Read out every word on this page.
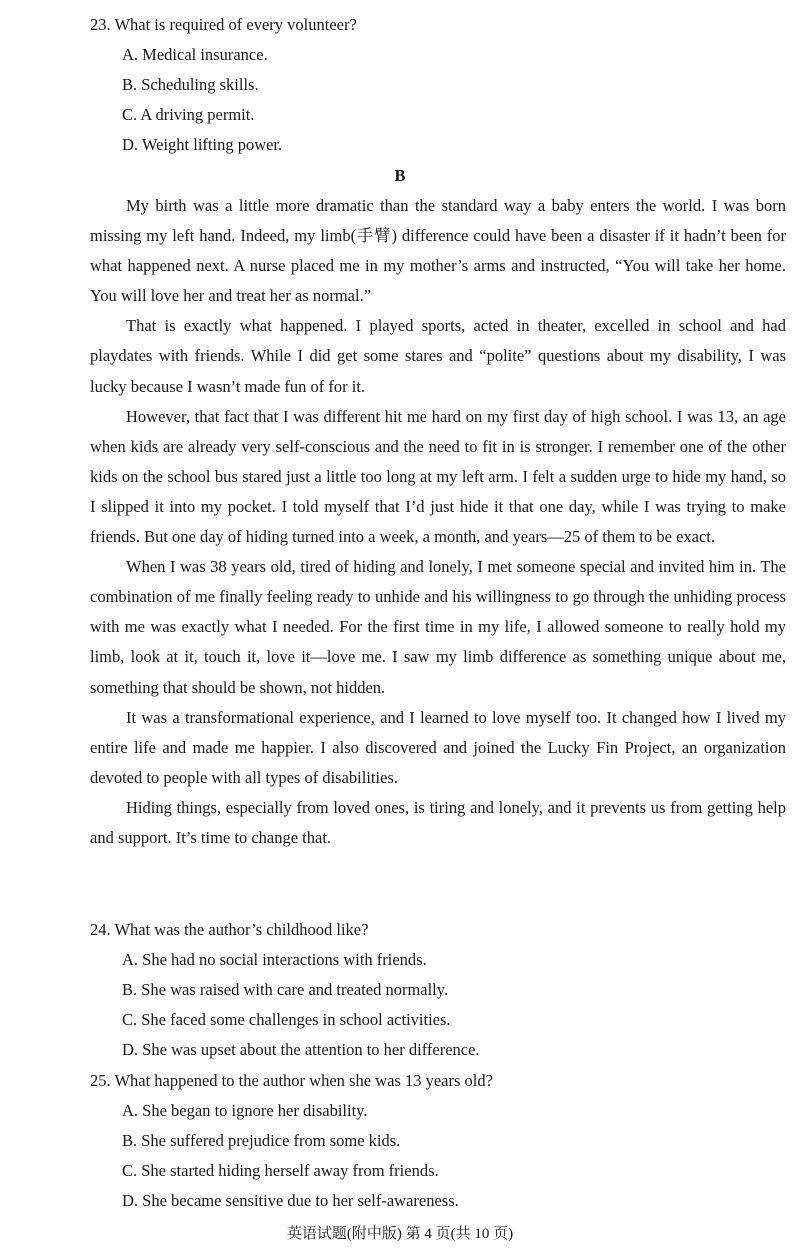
23. What is required of every volunteer?
A. Medical insurance.
B. Scheduling skills.
C. A driving permit.
D. Weight lifting power.
B

My birth was a little more dramatic than the standard way a baby enters the world. I was born missing my left hand. Indeed, my limb(手臂) difference could have been a disaster if it hadn’t been for what happened next. A nurse placed me in my mother’s arms and instructed, “You will take her home. You will love her and treat her as normal.”

That is exactly what happened. I played sports, acted in theater, excelled in school and had playdates with friends. While I did get some stares and “polite” questions about my disability, I was lucky because I wasn’t made fun of for it.

However, that fact that I was different hit me hard on my first day of high school. I was 13, an age when kids are already very self-conscious and the need to fit in is stronger. I remember one of the other kids on the school bus stared just a little too long at my left arm. I felt a sudden urge to hide my hand, so I slipped it into my pocket. I told myself that I’d just hide it that one day, while I was trying to make friends. But one day of hiding turned into a week, a month, and years—25 of them to be exact.

When I was 38 years old, tired of hiding and lonely, I met someone special and invited him in. The combination of me finally feeling ready to unhide and his willingness to go through the unhiding process with me was exactly what I needed. For the first time in my life, I allowed someone to really hold my limb, look at it, touch it, love it—love me. I saw my limb difference as something unique about me, something that should be shown, not hidden.

It was a transformational experience, and I learned to love myself too. It changed how I lived my entire life and made me happier. I also discovered and joined the Lucky Fin Project, an organization devoted to people with all types of disabilities.

Hiding things, especially from loved ones, is tiring and lonely, and it prevents us from getting help and support. It’s time to change that.

24. What was the author’s childhood like?
A. She had no social interactions with friends.
B. She was raised with care and treated normally.
C. She faced some challenges in school activities.
D. She was upset about the attention to her difference.
25. What happened to the author when she was 13 years old?
A. She began to ignore her disability.
B. She suffered prejudice from some kids.
C. She started hiding herself away from friends.
D. She became sensitive due to her self-awareness.
英语试题(附中版) 第 4 页(共 10 页)
